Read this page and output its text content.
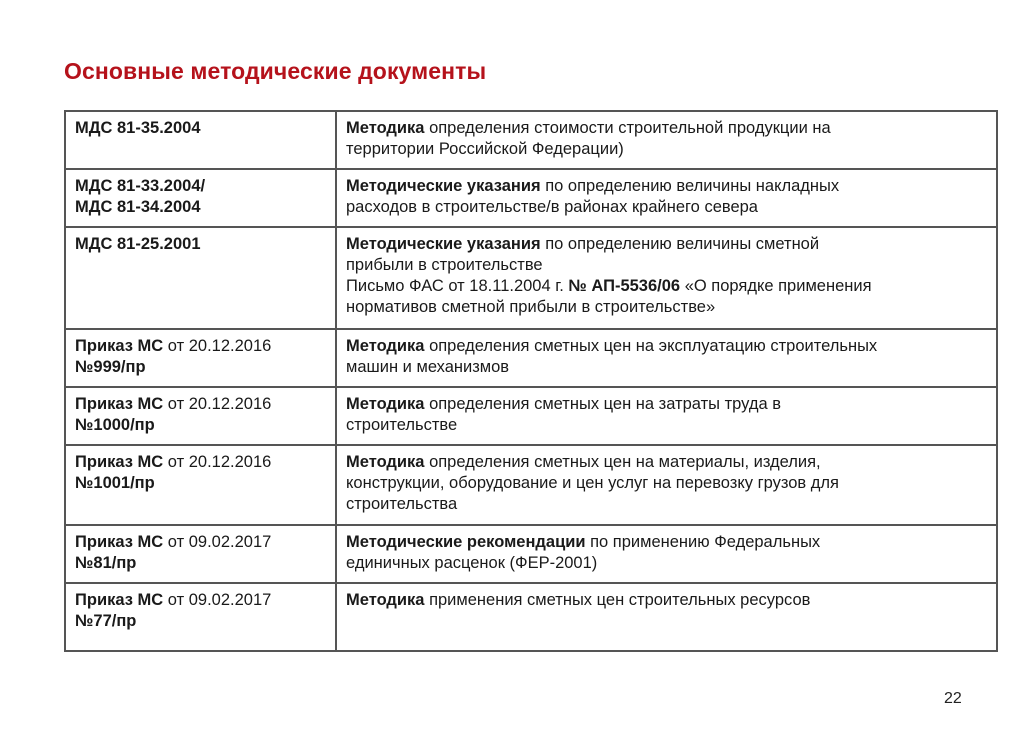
Основные методические документы
МДС 81-35.2004	Методика определения стоимости строительной продукции на
территории Российской Федерации)

МДС 81-33.2004/
МДС 81-34.2004	Методические указания по определению величины накладных
расходов в строительстве/в районах крайнего севера

МДС 81-25.2001	Методические указания по определению величины сметной
прибыли в строительстве
Письмо ФАС от 18.11.2004 г. № АП-5536/06 «О порядке применения
нормативов сметной прибыли в строительстве»

Приказ МС от 20.12.2016
№999/пр	Методика определения сметных цен на эксплуатацию строительных
машин и механизмов

Приказ МС от 20.12.2016
№1000/пр	Методика определения сметных цен на затраты труда в
строительстве

Приказ МС от 20.12.2016
№1001/пр	Методика определения сметных цен на материалы, изделия,
конструкции, оборудование и цен услуг на перевозку грузов для
строительства

Приказ МС от 09.02.2017
№81/пр	Методические рекомендации по применению Федеральных
единичных расценок (ФЕР-2001)

Приказ МС от 09.02.2017
№77/пр	Методика применения сметных цен строительных ресурсов
22
